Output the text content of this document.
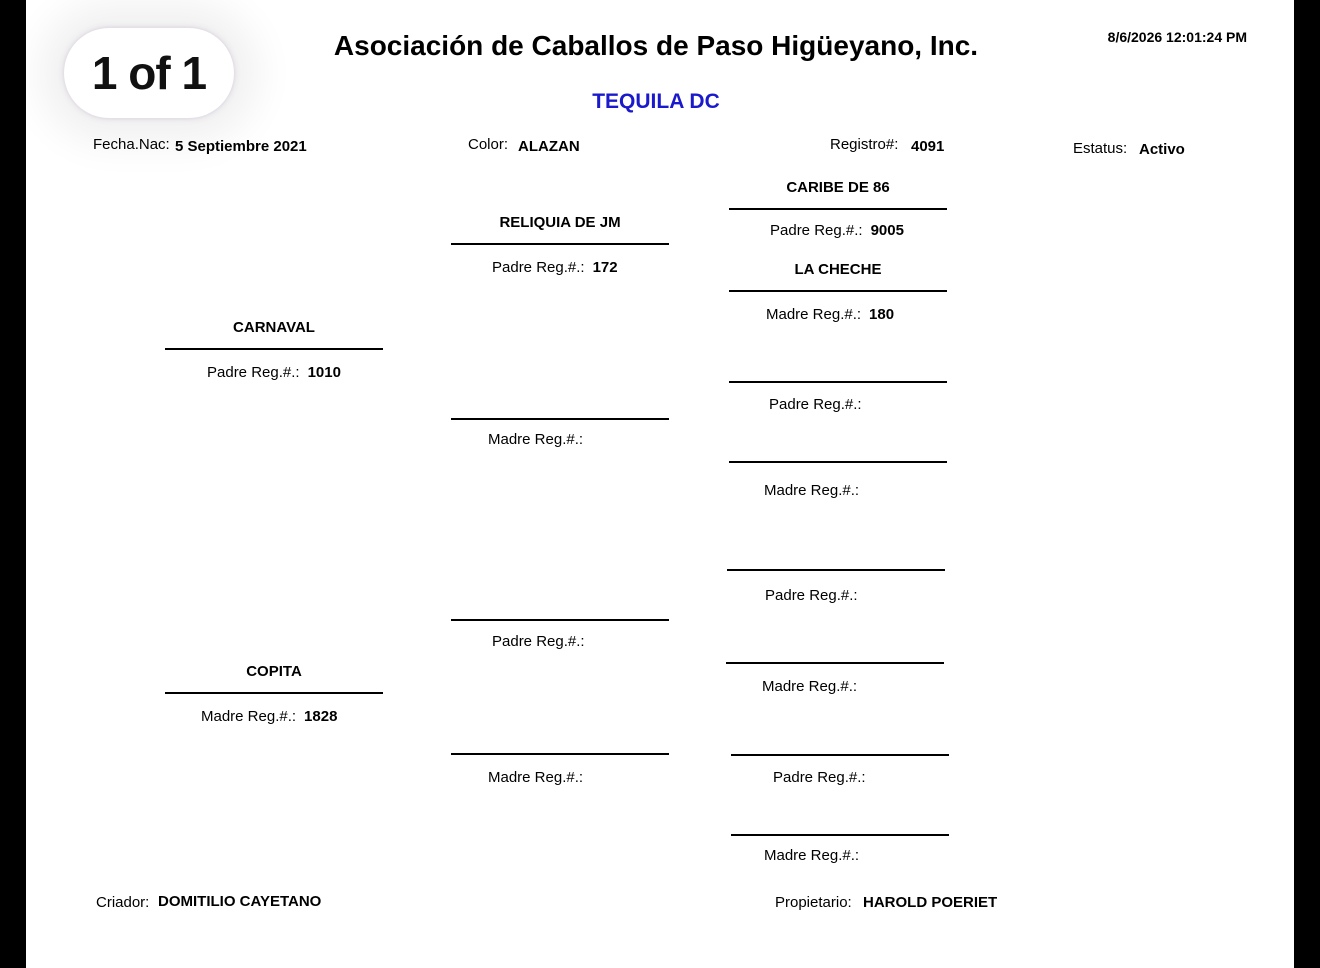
1 of 1
Asociación de Caballos de Paso Higüeyano, Inc.	8/6/2026 12:01:24 PM
TEQUILA DC
Fecha.Nac: 5 Septiembre 2021	Color: ALAZAN	Registro#: 4091	Estatus: Activo
CARNAVAL
Padre Reg.#.: 1010
COPITA
Madre Reg.#.: 1828
RELIQUIA DE JM
Padre Reg.#.: 172
Madre Reg.#.:
Padre Reg.#.:
Madre Reg.#.:
CARIBE DE 86
Padre Reg.#.: 9005
LA CHECHE
Madre Reg.#.: 180
Padre Reg.#.:
Madre Reg.#.:
Padre Reg.#.:
Madre Reg.#.:
Padre Reg.#.:
Madre Reg.#.:
Criador: DOMITILIO CAYETANO	Propietario: HAROLD POERIET
